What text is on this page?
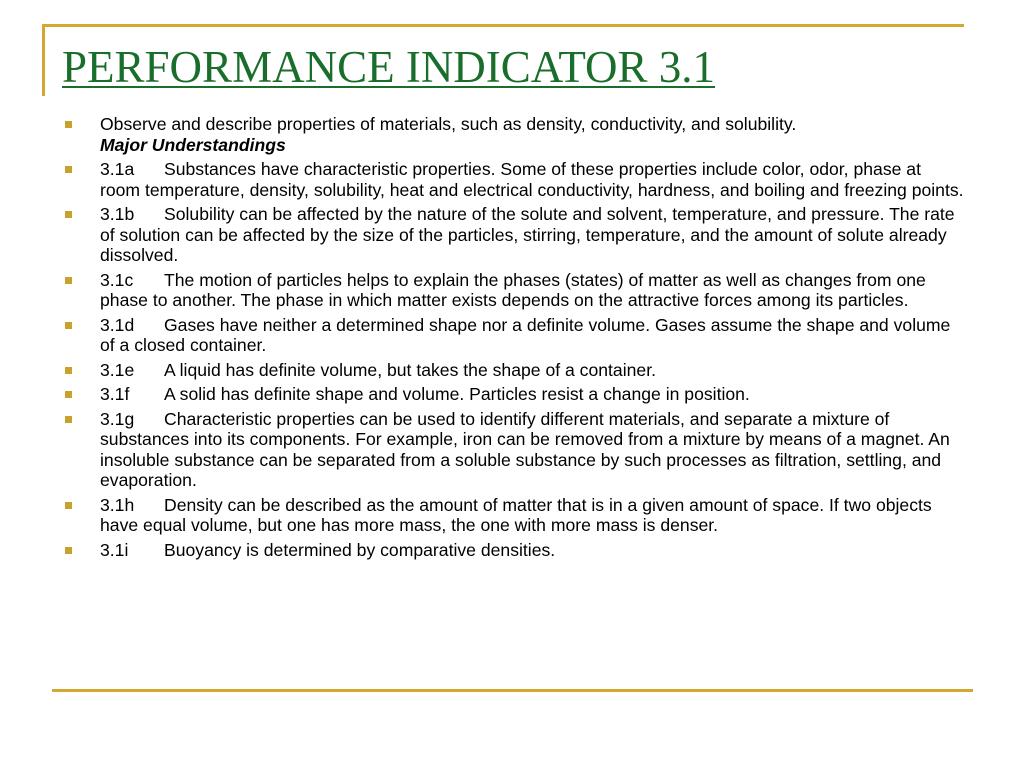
PERFORMANCE INDICATOR 3.1
Observe and describe properties of materials, such as density, conductivity, and solubility.
Major Understandings
3.1a Substances have characteristic properties. Some of these properties include color, odor, phase at room temperature, density, solubility, heat and electrical conductivity, hardness, and boiling and freezing points.
3.1b Solubility can be affected by the nature of the solute and solvent, temperature, and pressure. The rate of solution can be affected by the size of the particles, stirring, temperature, and the amount of solute already dissolved.
3.1c The motion of particles helps to explain the phases (states) of matter as well as changes from one phase to another. The phase in which matter exists depends on the attractive forces among its particles.
3.1d Gases have neither a determined shape nor a definite volume. Gases assume the shape and volume of a closed container.
3.1e A liquid has definite volume, but takes the shape of a container.
3.1f A solid has definite shape and volume. Particles resist a change in position.
3.1g Characteristic properties can be used to identify different materials, and separate a mixture of substances into its components. For example, iron can be removed from a mixture by means of a magnet. An insoluble substance can be separated from a soluble substance by such processes as filtration, settling, and evaporation.
3.1h Density can be described as the amount of matter that is in a given amount of space. If two objects have equal volume, but one has more mass, the one with more mass is denser.
3.1i Buoyancy is determined by comparative densities.
